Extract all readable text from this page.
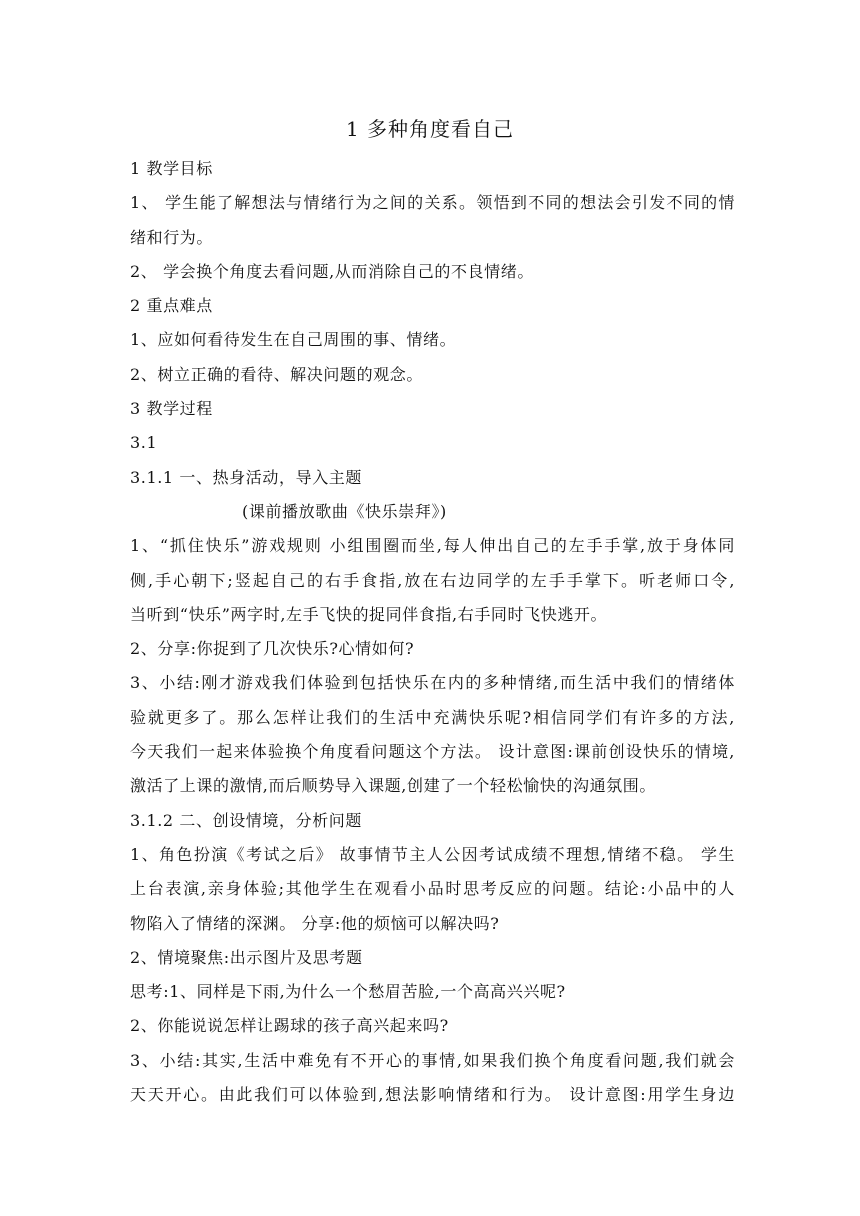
1 多种角度看自己

1 教学目标

1、 学生能了解想法与情绪行为之间的关系。领悟到不同的想法会引发不同的情

绪和行为。

2、 学会换个角度去看问题,从而消除自己的不良情绪。

2 重点难点

1、应如何看待发生在自己周围的事、情绪。

2、树立正确的看待、解决问题的观念。

3 教学过程

3.1

3.1.1 一、热身活动，导入主题

(课前播放歌曲《快乐崇拜》)

1、“抓住快乐”游戏规则 小组围圈而坐,每人伸出自己的左手手掌,放于身体同

侧,手心朝下;竖起自己的右手食指,放在右边同学的左手手掌下。听老师口令,

当听到“快乐”两字时,左手飞快的捉同伴食指,右手同时飞快逃开。

2、分享:你捉到了几次快乐?心情如何?

3、小结:刚才游戏我们体验到包括快乐在内的多种情绪,而生活中我们的情绪体

验就更多了。那么怎样让我们的生活中充满快乐呢?相信同学们有许多的方法,

今天我们一起来体验换个角度看问题这个方法。 设计意图:课前创设快乐的情境,

激活了上课的激情,而后顺势导入课题,创建了一个轻松愉快的沟通氛围。

3.1.2 二、创设情境，分析问题

1、角色扮演《考试之后》 故事情节主人公因考试成绩不理想,情绪不稳。 学生

上台表演,亲身体验;其他学生在观看小品时思考反应的问题。结论:小品中的人

物陷入了情绪的深渊。 分享:他的烦恼可以解决吗?

2、情境聚焦:出示图片及思考题

思考:1、同样是下雨,为什么一个愁眉苦脸,一个高高兴兴呢?

2、你能说说怎样让踢球的孩子高兴起来吗?

3、小结:其实,生活中难免有不开心的事情,如果我们换个角度看问题,我们就会

天天开心。由此我们可以体验到,想法影响情绪和行为。 设计意图:用学生身边
